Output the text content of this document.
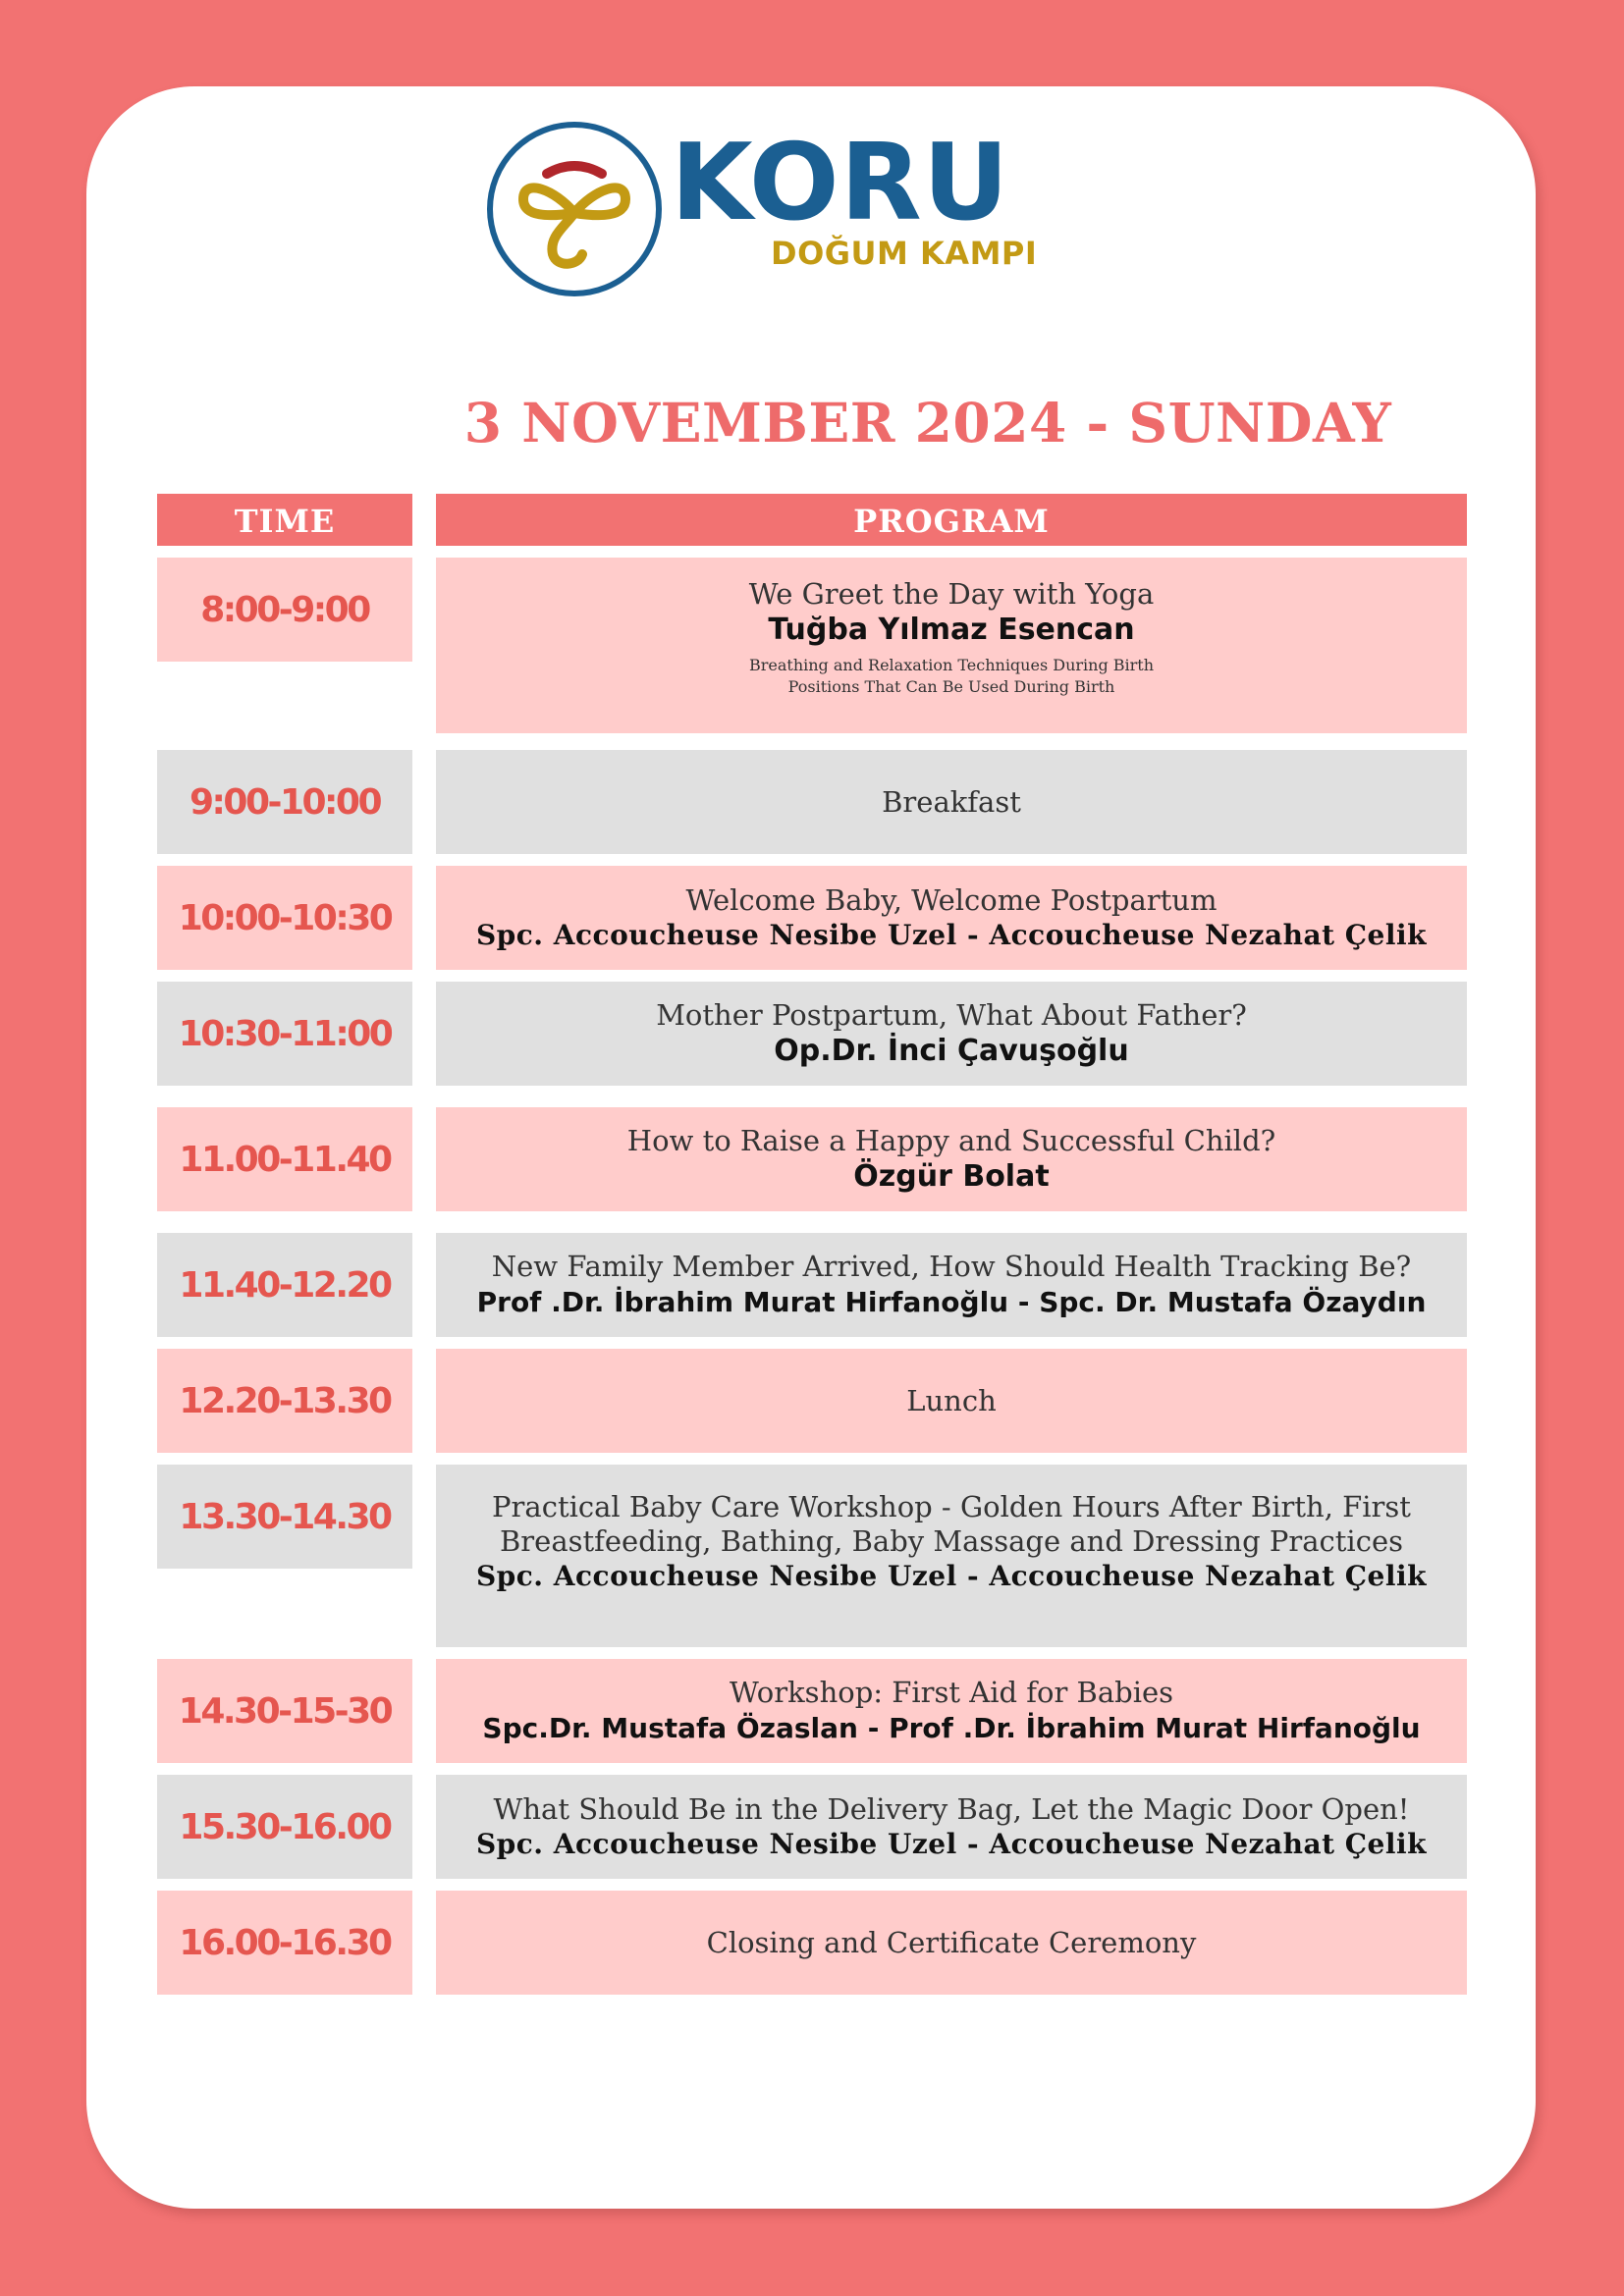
KORU
DOĞUM KAMPI
3 NOVEMBER 2024 - SUNDAY
TIME	PROGRAM
8:00-9:00	We Greet the Day with Yoga
Tuğba Yılmaz Esencan
Breathing and Relaxation Techniques During Birth
Positions That Can Be Used During Birth
9:00-10:00	Breakfast
10:00-10:30	Welcome Baby, Welcome Postpartum
Spc. Accoucheuse Nesibe Uzel - Accoucheuse Nezahat Çelik
10:30-11:00	Mother Postpartum, What About Father?
Op.Dr. İnci Çavuşoğlu
11.00-11.40	How to Raise a Happy and Successful Child?
Özgür Bolat
11.40-12.20	New Family Member Arrived, How Should Health Tracking Be?
Prof .Dr. İbrahim Murat Hirfanoğlu - Spc. Dr. Mustafa Özaydın
12.20-13.30	Lunch
13.30-14.30	Practical Baby Care Workshop - Golden Hours After Birth, First
Breastfeeding, Bathing, Baby Massage and Dressing Practices
Spc. Accoucheuse Nesibe Uzel - Accoucheuse Nezahat Çelik
14.30-15-30	Workshop: First Aid for Babies
Spc.Dr. Mustafa Özaslan - Prof .Dr. İbrahim Murat Hirfanoğlu
15.30-16.00	What Should Be in the Delivery Bag, Let the Magic Door Open!
Spc. Accoucheuse Nesibe Uzel - Accoucheuse Nezahat Çelik
16.00-16.30	Closing and Certificate Ceremony
